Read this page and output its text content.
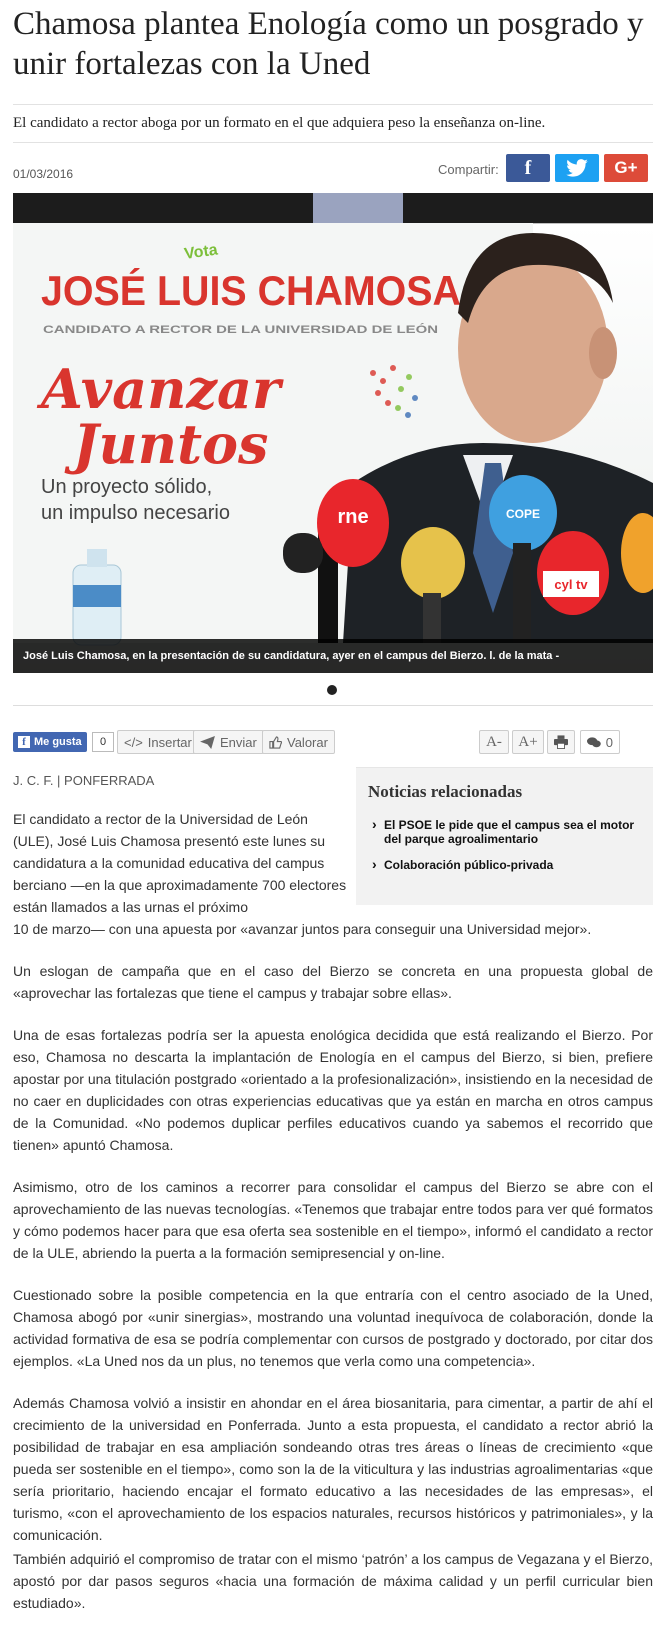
Chamosa plantea Enología como un posgrado y unir fortalezas con la Uned

El candidato a rector aboga por un formato en el que adquiera peso la enseñanza on-line.

01/03/2016	Compartir: f	G+
Vota
JOSÉ LUIS CHAMOSA
CANDIDATO A RECTOR DE LA UNIVERSIDAD DE LEÓN
Avanzar
Juntos
Un proyecto sólido,
un impulso necesario	rne	COPE
cyl tv
José Luis Chamosa, en la presentación de su candidatura, ayer en el campus del Bierzo. l. de la mata -
f Me gusta	0	</> Insertar Enviar Valorar	A- A+	0
J. C. F. | PONFERRADA
Noticias relacionadas
› El PSOE le pide que el campus sea el motor del parque agroalimentario
› Colaboración público-privada

El candidato a rector de la Universidad de León (ULE), José Luis Chamosa presentó este lunes su candidatura a la comunidad educativa del campus berciano —en la que aproximadamente 700 electores están llamados a las urnas el próximo

10 de marzo— con una apuesta por «avanzar juntos para conseguir una Universidad mejor».

Un eslogan de campaña que en el caso del Bierzo se concreta en una propuesta global de «aprovechar las fortalezas que tiene el campus y trabajar sobre ellas».

Una de esas fortalezas podría ser la apuesta enológica decidida que está realizando el Bierzo. Por eso, Chamosa no descarta la implantación de Enología en el campus del Bierzo, si bien, prefiere apostar por una titulación postgrado «orientado a la profesionalización», insistiendo en la necesidad de no caer en duplicidades con otras experiencias educativas que ya están en marcha en otros campus de la Comunidad. «No podemos duplicar perfiles educativos cuando ya sabemos el recorrido que tienen» apuntó Chamosa.

Asimismo, otro de los caminos a recorrer para consolidar el campus del Bierzo se abre con el aprovechamiento de las nuevas tecnologías. «Tenemos que trabajar entre todos para ver qué formatos y cómo podemos hacer para que esa oferta sea sostenible en el tiempo», informó el candidato a rector de la ULE, abriendo la puerta a la formación semipresencial y on-line.

Cuestionado sobre la posible competencia en la que entraría con el centro asociado de la Uned, Chamosa abogó por «unir sinergias», mostrando una voluntad inequívoca de colaboración, donde la actividad formativa de esa se podría complementar con cursos de postgrado y doctorado, por citar dos ejemplos. «La Uned nos da un plus, no tenemos que verla como una competencia».

Además Chamosa volvió a insistir en ahondar en el área biosanitaria, para cimentar, a partir de ahí el crecimiento de la universidad en Ponferrada. Junto a esta propuesta, el candidato a rector abrió la posibilidad de trabajar en esa ampliación sondeando otras tres áreas o líneas de crecimiento «que pueda ser sostenible en el tiempo», como son la de la viticultura y las industrias agroalimentarias «que sería prioritario, haciendo encajar el formato educativo a las necesidades de las empresas», el turismo, «con el aprovechamiento de los espacios naturales, recursos históricos y patrimoniales», y la comunicación.

También adquirió el compromiso de tratar con el mismo ‘patrón’ a los campus de Vegazana y el Bierzo, apostó por dar pasos seguros «hacia una formación de máxima calidad y un perfil curricular bien estudiado».
